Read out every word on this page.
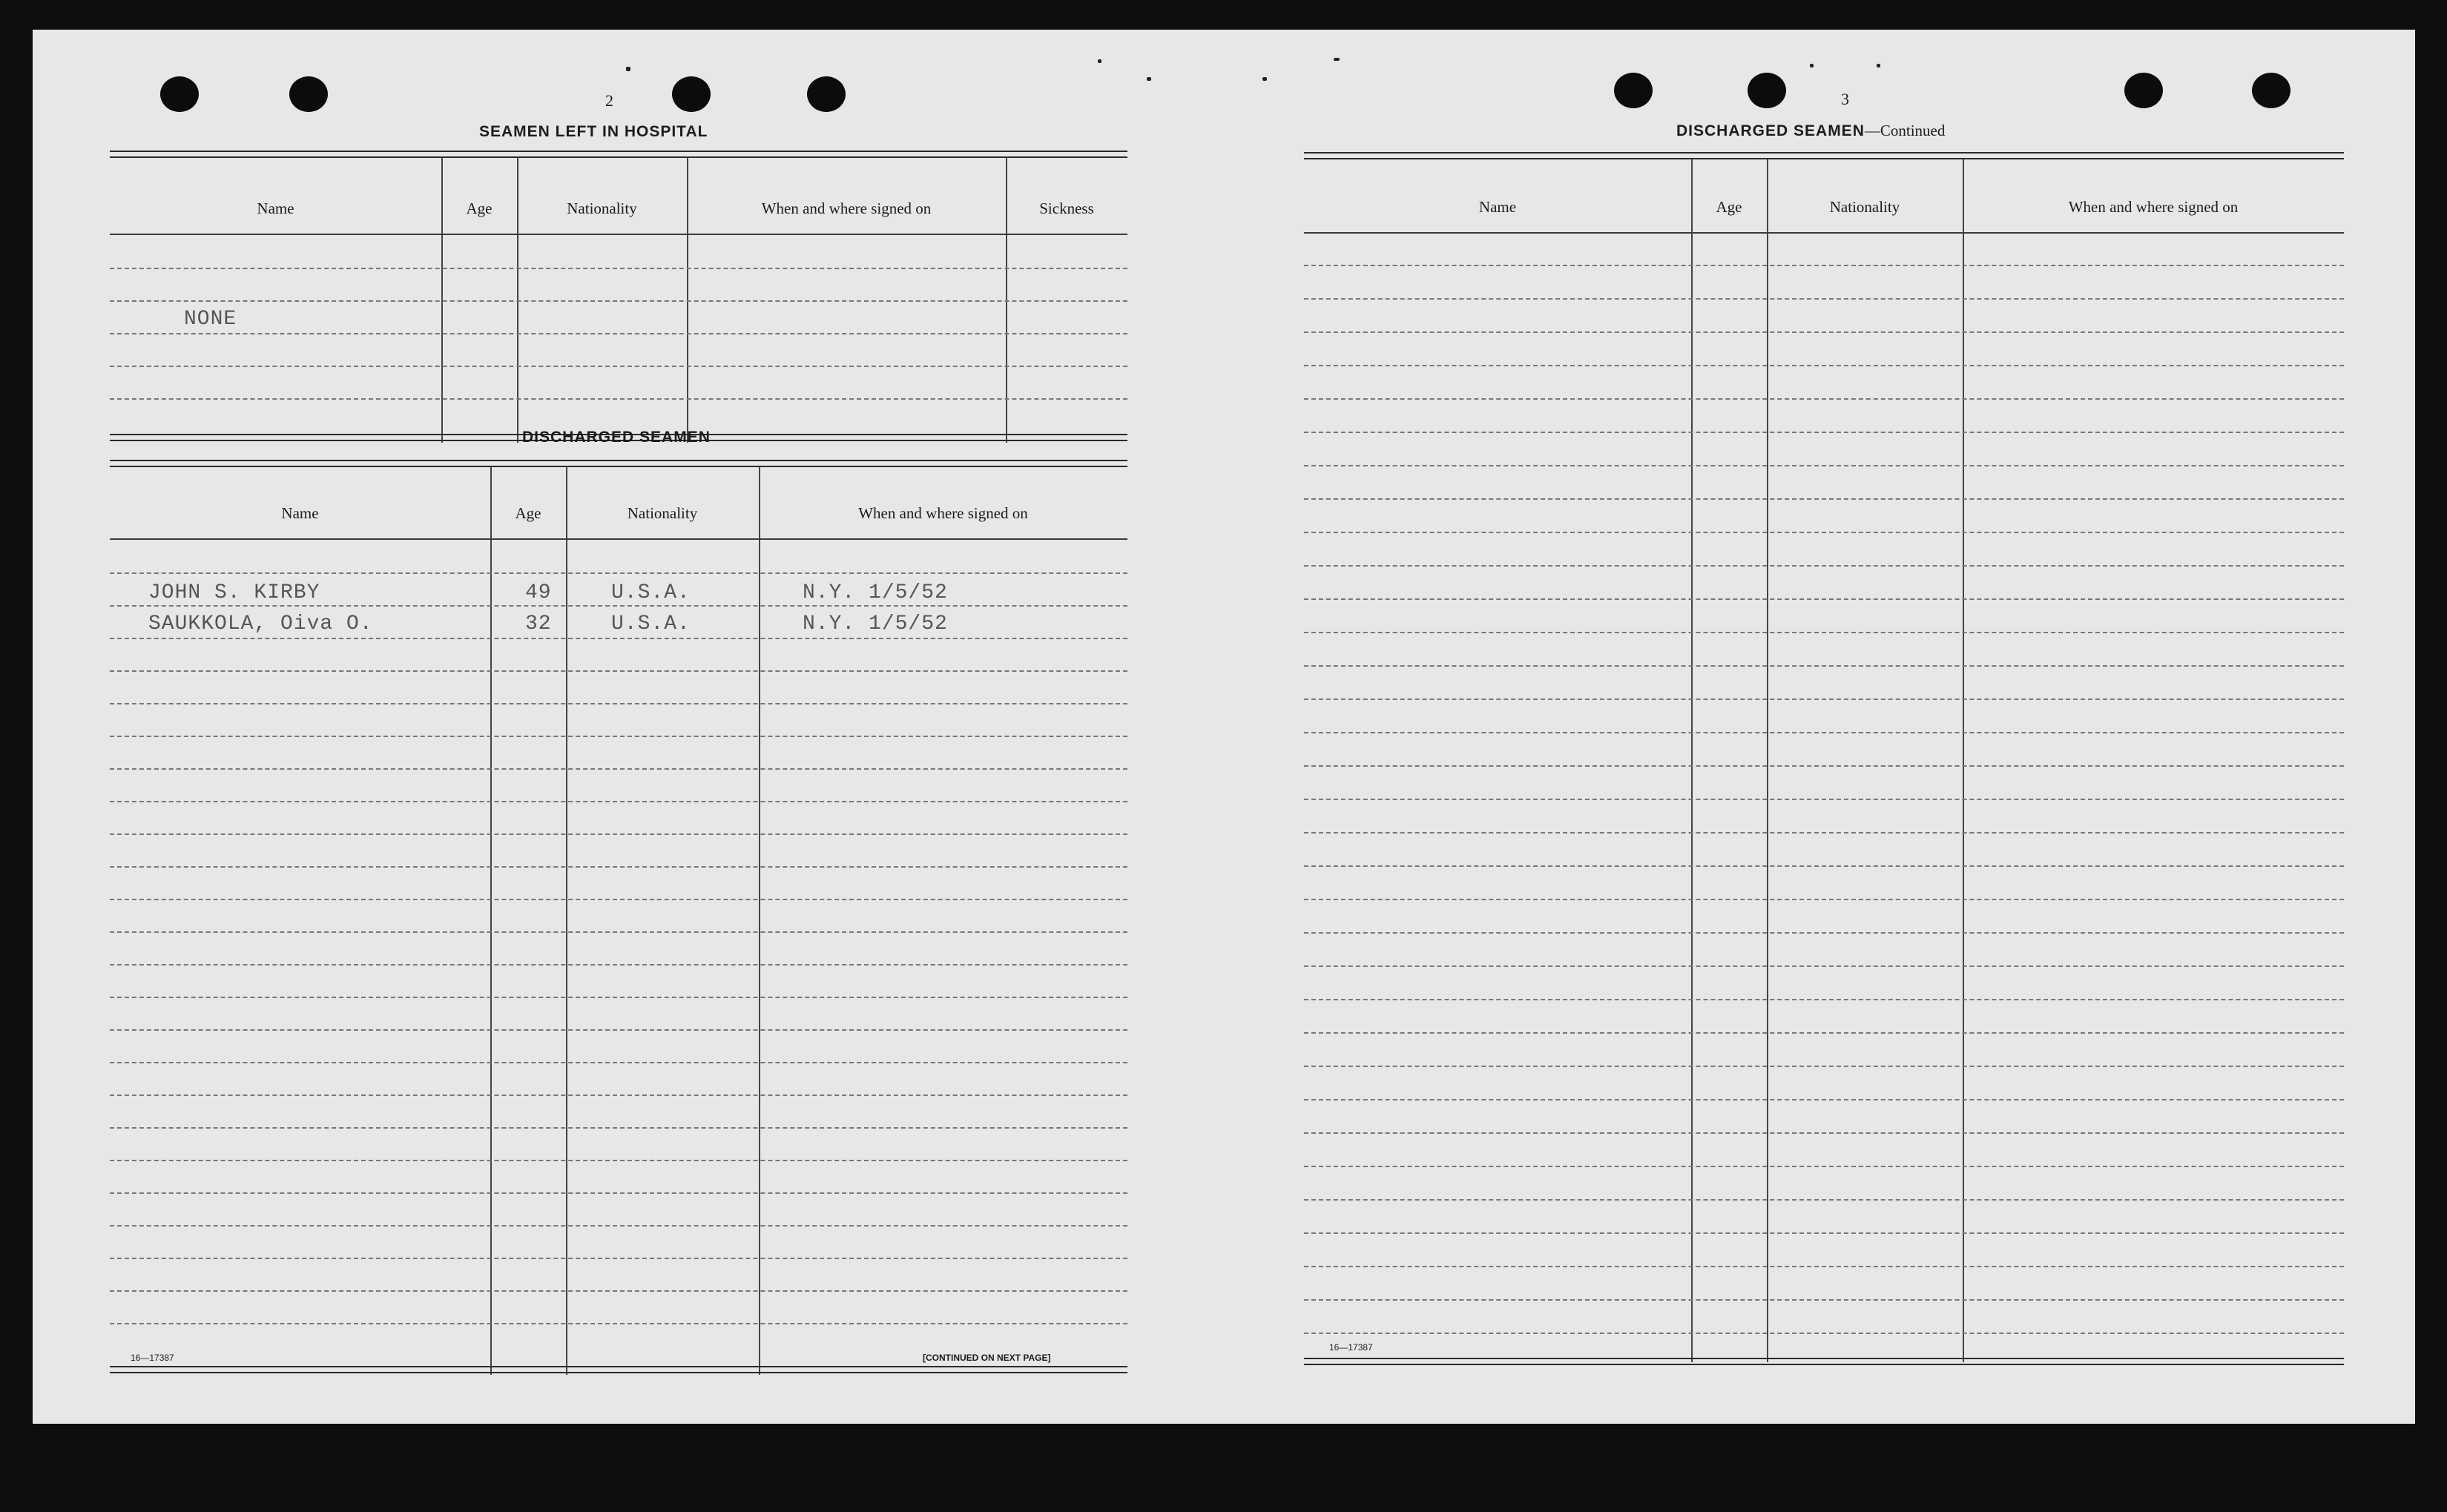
2
SEAMEN LEFT IN HOSPITAL
Name	Age	Nationality	When and where signed on	Sickness
NONE
DISCHARGED SEAMEN
Name	Age	Nationality	When and where signed on
JOHN S. KIRBY	49	U.S.A.	N.Y. 1/5/52
SAUKKOLA, Oiva O.	32	U.S.A.	N.Y. 1/5/52
16—17387	[CONTINUED ON NEXT PAGE]
3
DISCHARGED SEAMEN—Continued
Name	Age	Nationality	When and where signed on
16—17387
